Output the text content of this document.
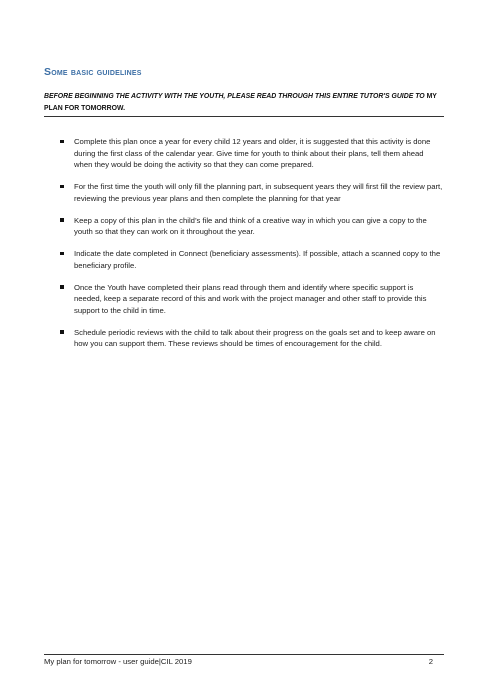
Some basic guidelines
BEFORE BEGINNING THE ACTIVITY WITH THE YOUTH, PLEASE READ THROUGH THIS ENTIRE TUTOR'S GUIDE TO MY PLAN FOR TOMORROW.
Complete this plan once a year for every child 12 years and older, it is suggested that this activity is done during the first class of the calendar year. Give time for youth to think about their plans, tell them ahead when they would be doing the activity so that they can come prepared.
For the first time the youth will only fill the planning part, in subsequent years they will first fill the review part, reviewing the previous year plans and then complete the planning for that year
Keep a copy of this plan in the child’s file and think of a creative way in which you can give a copy to the youth so that they can work on it throughout the year.
Indicate the date completed in Connect (beneficiary assessments). If possible, attach a scanned copy to the beneficiary profile.
Once the Youth have completed their plans read through them and identify where specific support is needed, keep a separate record of this and work with the project manager and other staff to provide this support to the child in time.
Schedule periodic reviews with the child to talk about their progress on the goals set and to keep aware on how you can support them. These reviews should be times of encouragement for the child.
My plan for tomorrow - user guide|CIL 2019	2
